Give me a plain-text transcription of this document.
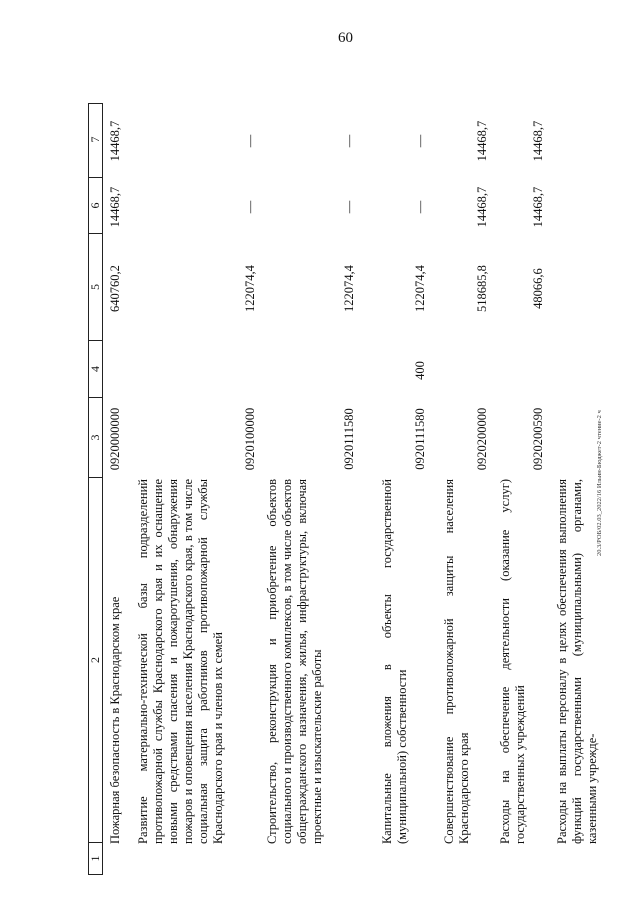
60
20.3/РОБ/02.03_2022/16 Ильин-Бюджет-2 чтение-2 ч
1
2
3
4
5
6
7
Пожарная безопасность в Краснодарском крае
0920000000
640760,2
14468,7
14468,7
Развитие материально-технической базы подразделений противопожарной службы Краснодарского края и их оснащение новыми средствами спасения и пожаротушения, обнаружения пожаров и оповещения населения Краснодарского края, в том числе социальная защита работников противопожарной службы Краснодарского края и членов их семей
0920100000
122074,4
—
—
Строительство, реконструкция и приобретение объектов социального и производственного комплексов, в том числе объектов общегражданского назначения, жилья, инфраструктуры, включая проектные и изыскательские работы
0920111580
122074,4
—
—
Капитальные вложения в объекты государственной (муниципальной) собственности
0920111580
400
122074,4
—
—
Совершенствование противопожарной защиты населения Краснодарского края
0920200000
518685,8
14468,7
14468,7
Расходы на обеспечение деятельности (оказание услуг) государственных учреждений
0920200590
48066,6
14468,7
14468,7
Расходы на выплаты персоналу в целях обеспечения выполнения функций государственными (муниципальными) органами, казенными учрежде-
